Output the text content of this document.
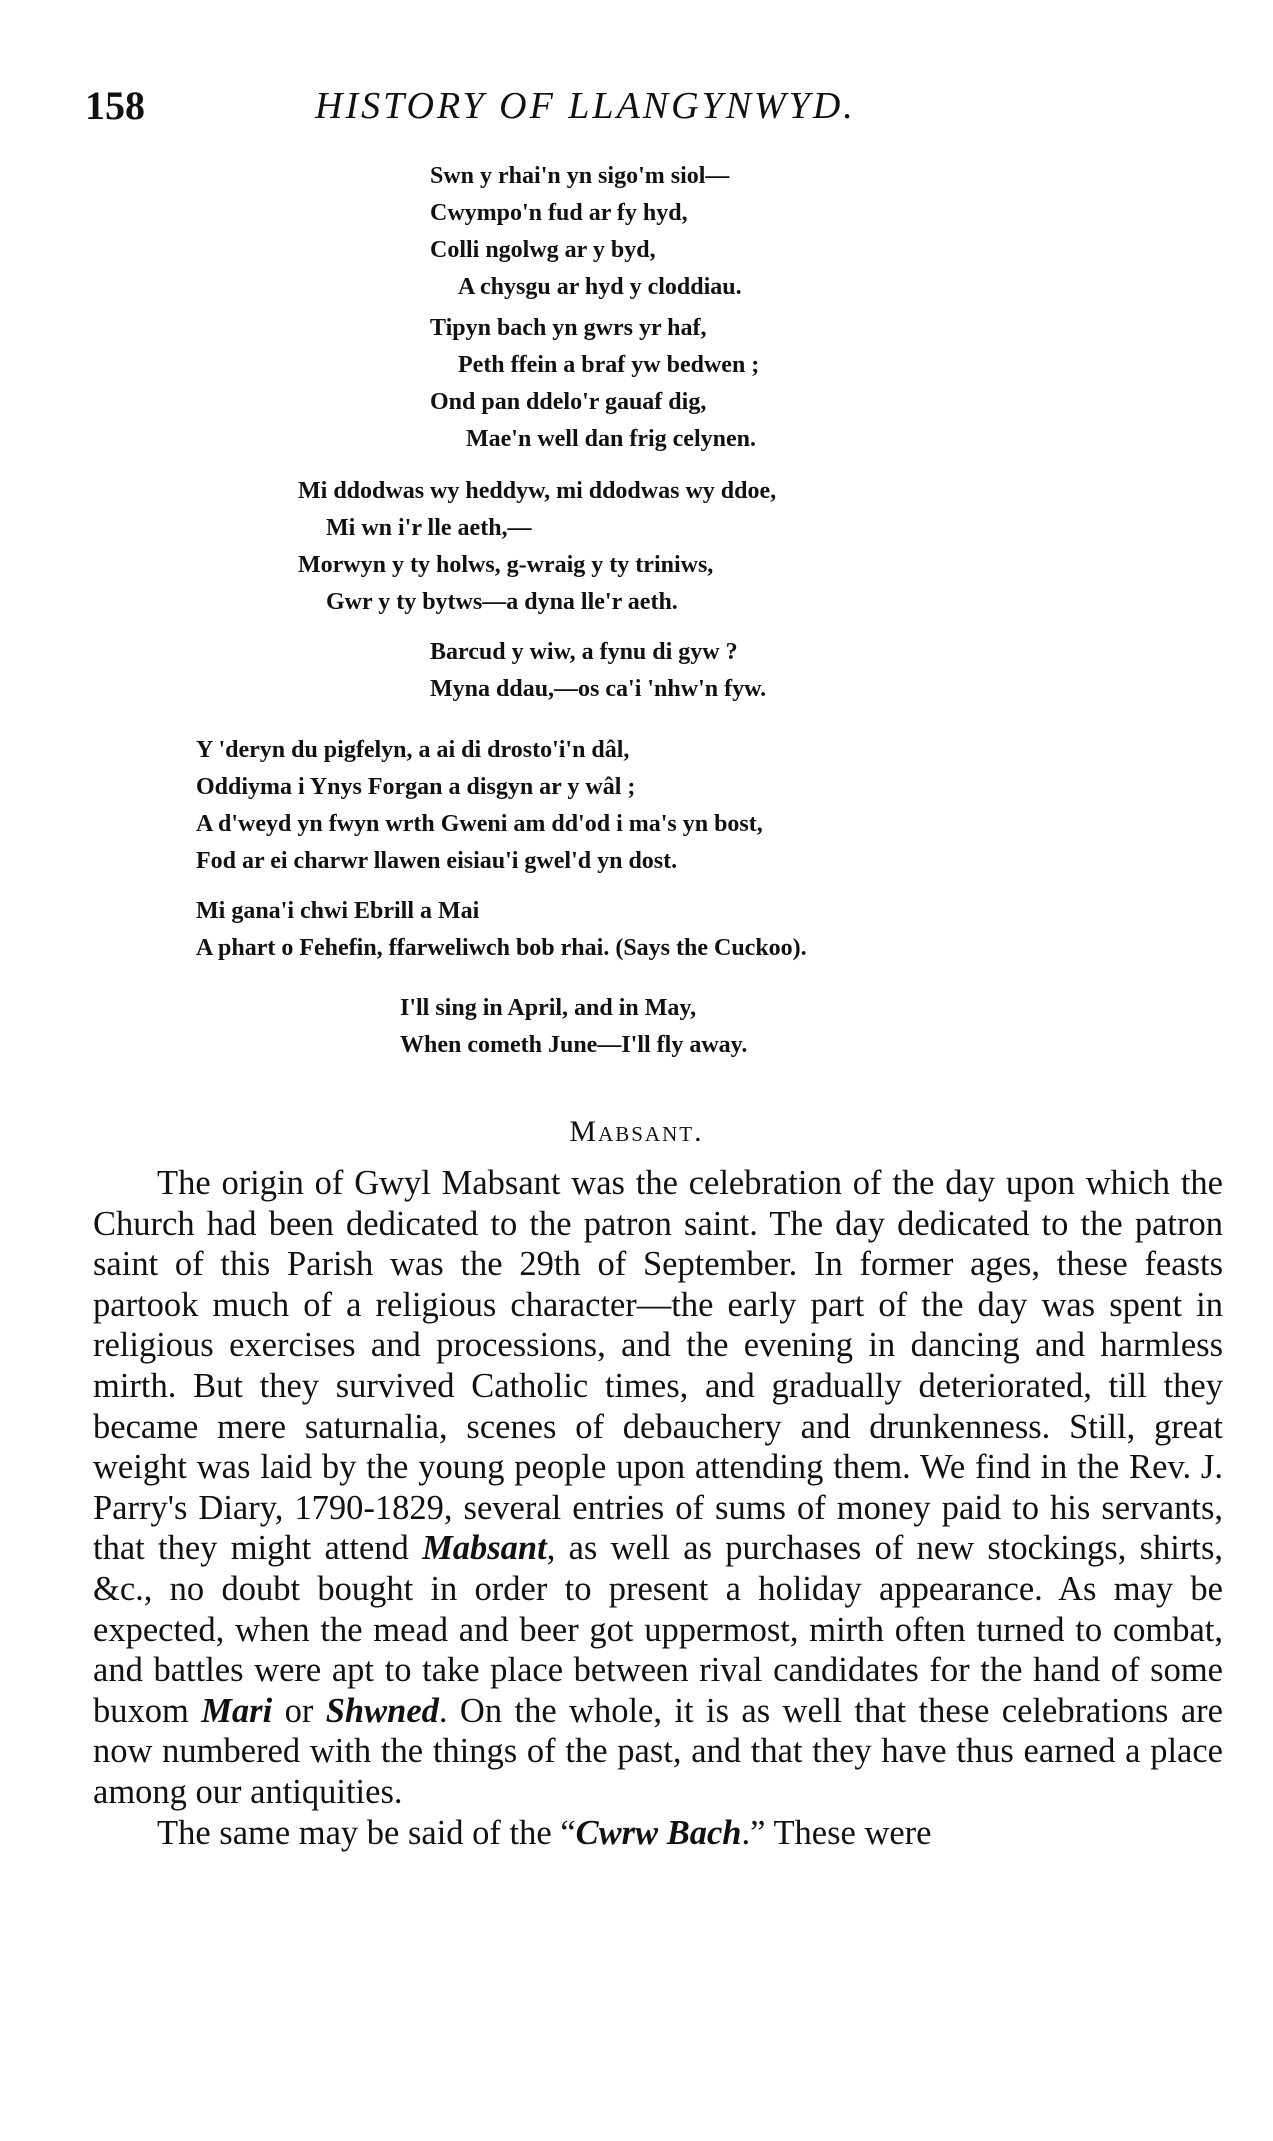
158	HISTORY OF LLANGYNWYD.
Swn y rhai'n yn sigo'm siol—
Cwympo'n fud ar fy hyd,
Colli ngolwg ar y byd,
A chysgu ar hyd y cloddiau.
Tipyn bach yn gwrs yr haf,
Peth ffein a braf yw bedwen ;
Ond pan ddelo'r gauaf dig,
Mae'n well dan frig celynen.
Mi ddodwas wy heddyw, mi ddodwas wy ddoe,
Mi wn i'r lle aeth,—
Morwyn y ty holws, g-wraig y ty triniws,
Gwr y ty bytws—a dyna lle'r aeth.
Barcud y wiw, a fynu di gyw ?
Myna ddau,—os ca'i 'nhw'n fyw.
Y 'deryn du pigfelyn, a ai di drosto'i'n dâl,
Oddiyma i Ynys Forgan a disgyn ar y wâl ;
A d'weyd yn fwyn wrth Gweni am dd'od i ma's yn bost,
Fod ar ei charwr llawen eisiau'i gwel'd yn dost.
Mi gana'i chwi Ebrill a Mai
A phart o Fehefin, ffarweliwch bob rhai. (Says the Cuckoo).
I'll sing in April, and in May,
When cometh June—I'll fly away.
Mabsant.

The origin of Gwyl Mabsant was the celebration of the day upon which the Church had been dedicated to the patron saint. The day dedicated to the patron saint of this Parish was the 29th of September. In former ages, these feasts partook much of a religious character—the early part of the day was spent in religious exercises and processions, and the evening in dancing and harmless mirth. But they survived Catholic times, and gradually deteriorated, till they became mere saturnalia, scenes of debauchery and drunkenness. Still, great weight was laid by the young people upon attending them. We find in the Rev. J. Parry's Diary, 1790-1829, several entries of sums of money paid to his servants, that they might attend Mabsant, as well as purchases of new stockings, shirts, &c., no doubt bought in order to present a holiday appearance. As may be expected, when the mead and beer got uppermost, mirth often turned to combat, and battles were apt to take place between rival candidates for the hand of some buxom Mari or Shwned. On the whole, it is as well that these celebrations are now numbered with the things of the past, and that they have thus earned a place among our antiquities.

The same may be said of the “Cwrw Bach.” These were
